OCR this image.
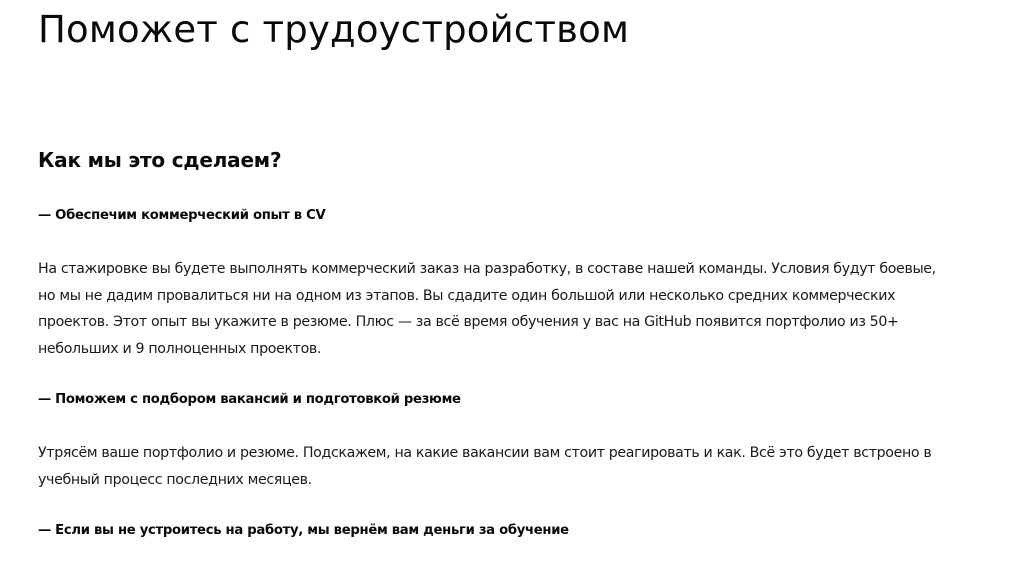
Поможет с трудоустройством
Как мы это сделаем?
— Обеспечим коммерческий опыт в CV
На стажировке вы будете выполнять коммерческий заказ на разработку, в составе нашей команды. Условия будут боевые,
но мы не дадим провалиться ни на одном из этапов. Вы сдадите один большой или несколько средних коммерческих
проектов. Этот опыт вы укажите в резюме. Плюс — за всё время обучения у вас на GitHub появится портфолио из 50+
небольших и 9 полноценных проектов.
— Поможем с подбором вакансий и подготовкой резюме
Утрясём ваше портфолио и резюме. Подскажем, на какие вакансии вам стоит реагировать и как. Всё это будет встроено в
учебный процесс последних месяцев.
— Если вы не устроитесь на работу, мы вернём вам деньги за обучение
